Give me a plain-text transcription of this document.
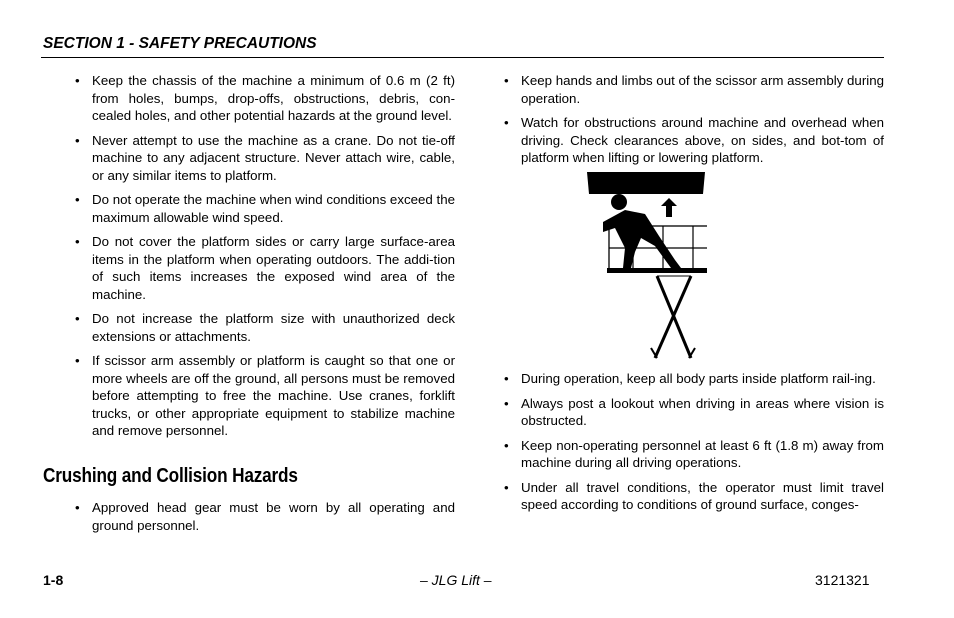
SECTION 1 - SAFETY PRECAUTIONS
• Keep the chassis of the machine a minimum of 0.6 m (2 ft) from holes, bumps, drop-offs, obstructions, debris, con-cealed holes, and other potential hazards at the ground level.
• Never attempt to use the machine as a crane. Do not tie-off machine to any adjacent structure. Never attach wire, cable, or any similar items to platform.
• Do not operate the machine when wind conditions exceed the maximum allowable wind speed.
• Do not cover the platform sides or carry large surface-area items in the platform when operating outdoors. The addi-tion of such items increases the exposed wind area of the machine.
• Do not increase the platform size with unauthorized deck extensions or attachments.
• If scissor arm assembly or platform is caught so that one or more wheels are off the ground, all persons must be removed before attempting to free the machine. Use cranes, forklift trucks, or other appropriate equipment to stabilize machine and remove personnel.
Crushing and Collision Hazards
• Approved head gear must be worn by all operating and ground personnel.
• Keep hands and limbs out of the scissor arm assembly during operation.
• Watch for obstructions around machine and overhead when driving. Check clearances above, on sides, and bot-tom of platform when lifting or lowering platform.
• During operation, keep all body parts inside platform rail-ing.
• Always post a lookout when driving in areas where vision is obstructed.
• Keep non-operating personnel at least 6 ft (1.8 m) away from machine during all driving operations.
• Under all travel conditions, the operator must limit travel speed according to conditions of ground surface, conges-
1-8	– JLG Lift –	3121321
